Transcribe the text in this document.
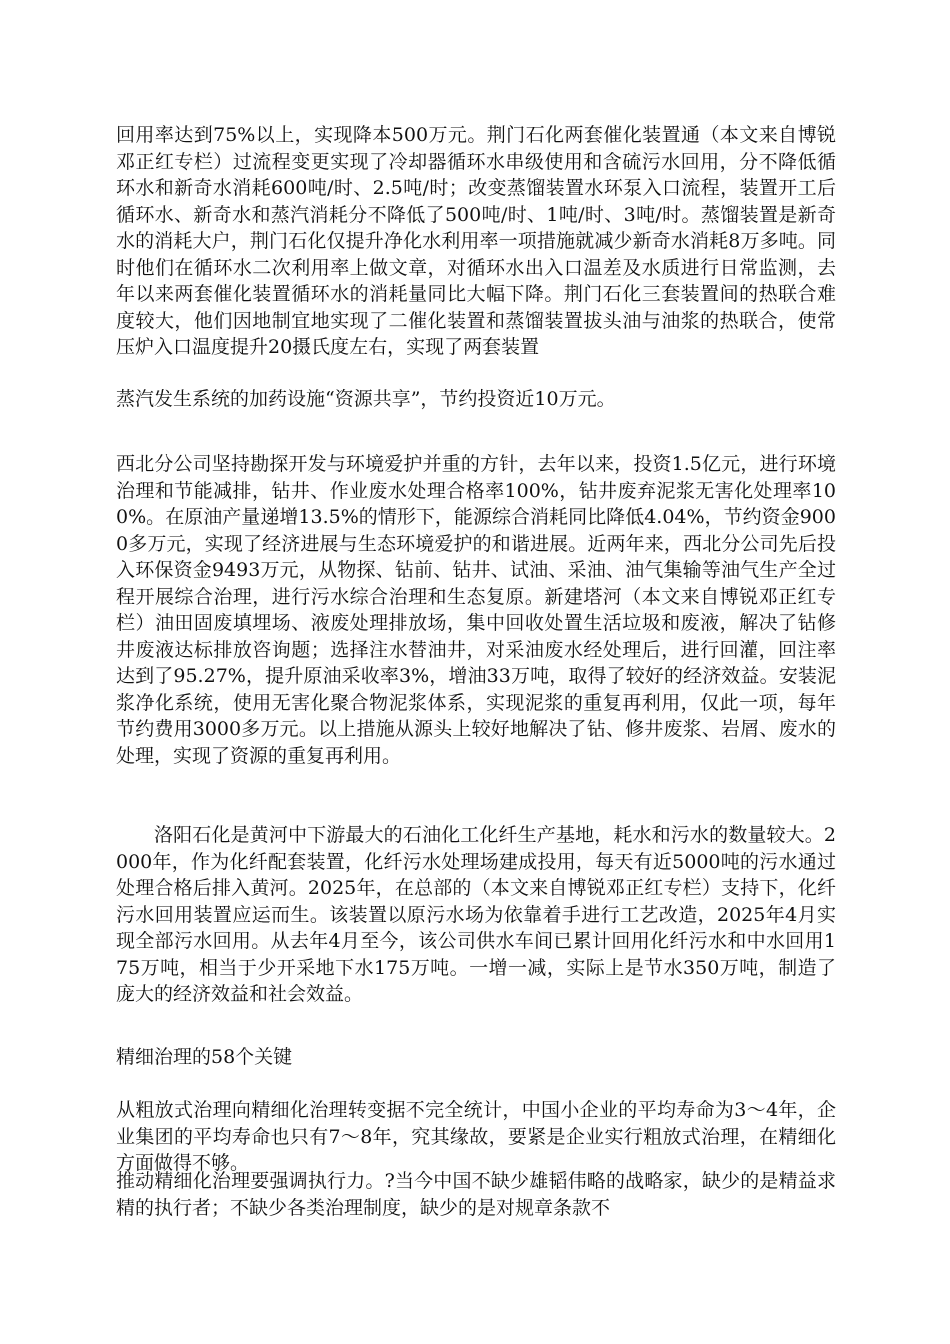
回用率达到75%以上，实现降本500万元。荆门石化两套催化装置通（本文来自博锐邓正红专栏）过流程变更实现了冷却器循环水串级使用和含硫污水回用，分不降低循环水和新奇水消耗600吨/时、2.5吨/时；改变蒸馏装置水环泵入口流程，装置开工后循环水、新奇水和蒸汽消耗分不降低了500吨/时、1吨/时、3吨/时。蒸馏装置是新奇水的消耗大户，荆门石化仅提升净化水利用率一项措施就减少新奇水消耗8万多吨。同时他们在循环水二次利用率上做文章，对循环水出入口温差及水质进行日常监测，去年以来两套催化装置循环水的消耗量同比大幅下降。荆门石化三套装置间的热联合难度较大，他们因地制宜地实现了二催化装置和蒸馏装置拔头油与油浆的热联合，使常压炉入口温度提升20摄氏度左右，实现了两套装置

蒸汽发生系统的加药设施“资源共享”，节约投资近10万元。

西北分公司坚持勘探开发与环境爱护并重的方针，去年以来，投资1.5亿元，进行环境治理和节能减排，钻井、作业废水处理合格率100%，钻井废弃泥浆无害化处理率100%。在原油产量递增13.5%的情形下，能源综合消耗同比降低4.04%，节约资金9000多万元，实现了经济进展与生态环境爱护的和谐进展。近两年来，西北分公司先后投入环保资金9493万元，从物探、钻前、钻井、试油、采油、油气集输等油气生产全过程开展综合治理，进行污水综合治理和生态复原。新建塔河（本文来自博锐邓正红专栏）油田固废填埋场、液废处理排放场，集中回收处置生活垃圾和废液，解决了钻修井废液达标排放咨询题；选择注水替油井，对采油废水经处理后，进行回灌，回注率达到了95.27%，提升原油采收率3%，增油33万吨，取得了较好的经济效益。安装泥浆净化系统，使用无害化聚合物泥浆体系，实现泥浆的重复再利用，仅此一项，每年节约费用3000多万元。以上措施从源头上较好地解决了钻、修井废浆、岩屑、废水的处理，实现了资源的重复再利用。

洛阳石化是黄河中下游最大的石油化工化纤生产基地，耗水和污水的数量较大。2000年，作为化纤配套装置，化纤污水处理场建成投用，每天有近5000吨的污水通过处理合格后排入黄河。2025年，在总部的（本文来自博锐邓正红专栏）支持下，化纤污水回用装置应运而生。该装置以原污水场为依靠着手进行工艺改造，2025年4月实现全部污水回用。从去年4月至今，该公司供水车间已累计回用化纤污水和中水回用175万吨，相当于少开采地下水175万吨。一增一减，实际上是节水350万吨，制造了庞大的经济效益和社会效益。

精细治理的58个关键

从粗放式治理向精细化治理转变据不完全统计，中国小企业的平均寿命为3～4年，企业集团的平均寿命也只有7～8年，究其缘故，要紧是企业实行粗放式治理，在精细化方面做得不够。

推动精细化治理要强调执行力。?当今中国不缺少雄韬伟略的战略家，缺少的是精益求精的执行者；不缺少各类治理制度，缺少的是对规章条款不
